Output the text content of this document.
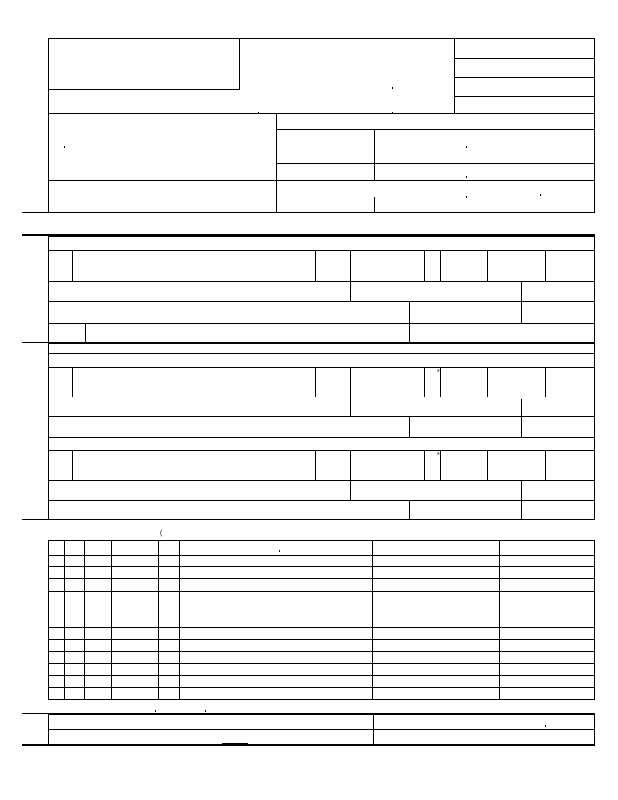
*
*
(
